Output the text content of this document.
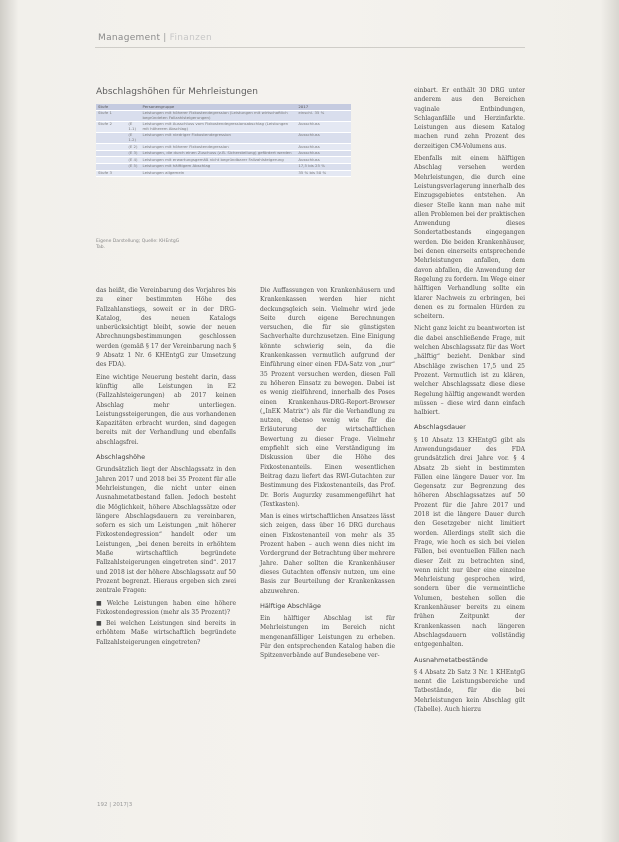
Management | Finanzen
Abschlagshöhen für Mehrleistungen
Stufe		Personengruppe	2017
Stufe 1		Leistungen mit höherer Fixkostendegression (Leistungen mit wirtschaftlich begründeten Fallzahlsteigerungen)	einschl. 35 %
Stufe 2	(E 1.1)	Leistungen mit Ausschluss vom Fixkostendegressionsabschlag (Leistungen mit höherem Abschlag)	Ausschluss
	(E 1.2)	Leistungen mit niedriger Fixkostendegression	Ausschluss
	(E 2)	Leistungen mit höherer Fixkostendegression	Ausschluss
	(E 3)	Leistungen, die durch einen Zuschuss (z.B. Sicherstellung) gefördert werden	Ausschluss
	(E 4)	Leistungen mit erwartungsgemäß nicht begründbarer Fallzahlsteigerung	Ausschluss
	(E 5)	Leistungen mit hälftigem Abschlag	17,5 bis 25 %
Stufe 3		Leistungen allgemein	35 % bis 50 %
Eigene Darstellung; Quelle: KHEntgG
Tab.

das heißt, die Vereinbarung des Vorjahres bis zu einer bestimmten Höhe des Fallzahlanstiegs, soweit er in der DRG-Katalog, des neuen Katalogs unberücksichtigt bleibt, sowie der neuen Abrechnungsbestimmungen geschlossen werden (gemäß § 17 der Vereinbarung nach § 9 Absatz 1 Nr. 6 KHEntgG zur Umsetzung des FDA).

Eine wichtige Neuerung besteht darin, dass künftig alle Leistungen in E2 (Fallzahlsteigerungen) ab 2017 keinen Abschlag mehr unterliegen. Leistungssteigerungen, die aus vorhandenen Kapazitäten erbracht wurden, sind dagegen bereits mit der Verhandlung und ebenfalls abschlagsfrei.

Abschlagshöhe

Grundsätzlich liegt der Abschlagssatz in den Jahren 2017 und 2018 bei 35 Prozent für alle Mehrleistungen, die nicht unter einen Ausnahmetatbestand fallen. Jedoch besteht die Möglichkeit, höhere Abschlagssätze oder längere Abschlagsdauern zu vereinbaren, sofern es sich um Leistungen „mit höherer Fixkostendegression“ handelt oder um Leistungen, „bei denen bereits in erhöhtem Maße wirtschaftlich begründete Fallzahlsteigerungen eingetreten sind“. 2017 und 2018 ist der höhere Abschlagssatz auf 50 Prozent begrenzt. Hieraus ergeben sich zwei zentrale Fragen:

■ Welche Leistungen haben eine höhere Fixkostendegression (mehr als 35 Prozent)?
■ Bei welchen Leistungen sind bereits in erhöhtem Maße wirtschaftlich begründete Fallzahlsteigerungen eingetreten?

Die Auffassungen von Krankenhäusern und Krankenkassen werden hier nicht deckungsgleich sein. Vielmehr wird jede Seite durch eigene Berechnungen versuchen, die für sie günstigsten Sachverhalte durchzusetzen. Eine Einigung könnte schwierig sein, da die Krankenkassen vermutlich aufgrund der Einführung einer einen FDA-Satz von „nur“ 35 Prozent versuchen werden, diesen Fall zu höheren Einsatz zu bewegen. Dabei ist es wenig zielführend, innerhalb des Poses einen Krankenhaus-DRG-Report-Browser („InEK Matrix“) als für die Verhandlung zu nutzen, ebenso wenig wie für die Erläuterung der wirtschaftlichen Bewertung zu dieser Frage. Vielmehr empfiehlt sich eine Verständigung im Diskussion über die Höhe des Fixkostenanteils. Einen wesentlichen Beitrag dazu liefert das RWI-Gutachten zur Bestimmung des Fixkostenanteils, das Prof. Dr. Boris Augurzky zusammengeführt hat (Textkasten).

Man is eines wirtschaftlichen Ansatzes lässt sich zeigen, dass über 16 DRG durchaus einen Fixkostenanteil von mehr als 35 Prozent haben – auch wenn dies nicht im Vordergrund der Betrachtung über mehrere Jahre. Daher sollten die Krankenhäuser dieses Gutachten offensiv nutzen, um eine Basis zur Beurteilung der Krankenkassen abzuwehren.

Hälftige Abschläge

Ein hälftiger Abschlag ist für Mehrleistungen im Bereich nicht mengenanfälliger Leistungen zu erheben. Für den entsprechenden Katalog haben die Spitzenverbände auf Bundesebene ver-

einbart. Er enthält 30 DRG unter anderem aus den Bereichen vaginale Entbindungen, Schlaganfälle und Herzinfarkte. Leistungen aus diesem Katalog machen rund zehn Prozent des derzeitigen CM-Volumens aus.

Ebenfalls mit einem hälftigen Abschlag versehen werden Mehrleistungen, die durch eine Leistungsverlagerung innerhalb des Einzugsgebietes entstehen. An dieser Stelle kann man nahe mit allen Problemen bei der praktischen Anwendung dieses Sondertatbestands eingegangen werden. Die beiden Krankenhäuser, bei denen einerseits entsprechende Mehrleistungen anfallen, dem davon abfallen, die Anwendung der Regelung zu fordern. Im Wege einer hälftigen Verhandlung sollte ein klarer Nachweis zu erbringen, bei denen es zu formalen Hürden zu scheitern.

Nicht ganz leicht zu beantworten ist die dabei anschließende Frage, mit welchen Abschlagssatz für das Wort „hälftig“ bezieht. Denkbar sind Abschläge zwischen 17,5 und 25 Prozent. Vermutlich ist zu klären, welcher Abschlagssatz diese diese Regelung hälftig angewandt werden müssen – diese wird dann einfach halbiert.

Abschlagsdauer

§ 10 Absatz 13 KHEntgG gibt als Anwendungsdauer des FDA grundsätzlich drei Jahre vor. § 4 Absatz 2b sieht in bestimmten Fällen eine längere Dauer vor. Im Gegensatz zur Begrenzung des höheren Abschlagssatzes auf 50 Prozent für die Jahre 2017 und 2018 ist die längere Dauer durch den Gesetzgeber nicht limitiert worden. Allerdings stellt sich die Frage, wie hoch es sich bei vielen Fällen, bei eventuellen Fällen nach dieser Zeit zu betrachten sind, wenn nicht nur über eine einzelne Mehrleistung gesprochen wird, sondern über die vermeintliche Volumen, bestehen sollen die Krankenhäuser bereits zu einem frühen Zeitpunkt der Krankenkassen nach längeren Abschlagsdauern vollständig entgegenhalten.

Ausnahmetatbestände

§ 4 Absatz 2b Satz 3 Nr. 1 KHEntgG nennt die Leistungsbereiche und Tatbestände, für die bei Mehrleistungen kein Abschlag gilt (Tabelle). Auch hierzu

192 | 2017|3
